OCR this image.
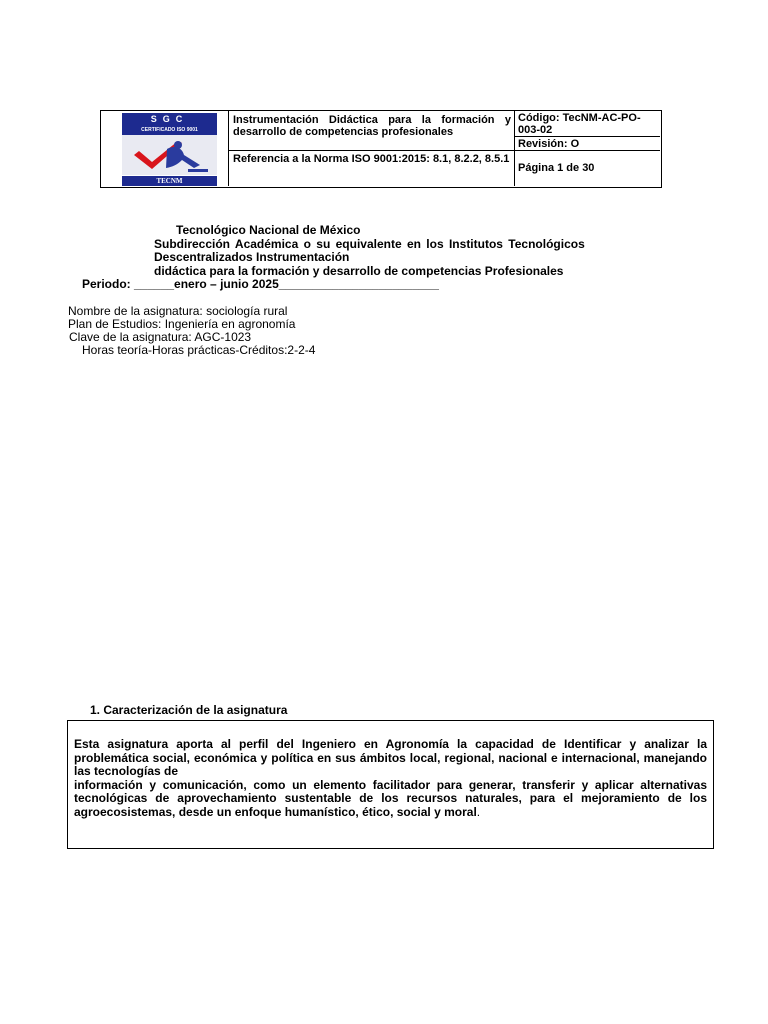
SGC
CERTIFICADO ISO 9001
TECNM
Instrumentación Didáctica para la formación y desarrollo de competencias profesionales
Referencia a la Norma ISO 9001:2015: 8.1, 8.2.2, 8.5.1
Código: TecNM-AC-PO-003-02
Revisión: O
Página 1 de 30
Tecnológico Nacional de México
Subdirección Académica o su equivalente en los Institutos Tecnológicos
Descentralizados Instrumentación
didáctica para la formación y desarrollo de competencias Profesionales
Periodo: ______enero – junio 2025________________________
Nombre de la asignatura: sociología rural
Plan de Estudios: Ingeniería en agronomía
Clave de la asignatura: AGC-1023
Horas teoría-Horas prácticas-Créditos:2-2-4
1. Caracterización de la asignatura

Esta asignatura aporta al perfil del Ingeniero en Agronomía la capacidad de Identificar y analizar la problemática social, económica y política en sus ámbitos local, regional, nacional e internacional, manejando las tecnologías de

información y comunicación, como un elemento facilitador para generar, transferir y aplicar alternativas tecnológicas de aprovechamiento sustentable de los recursos naturales, para el mejoramiento de los agroecosistemas, desde un enfoque humanístico, ético, social y moral.
